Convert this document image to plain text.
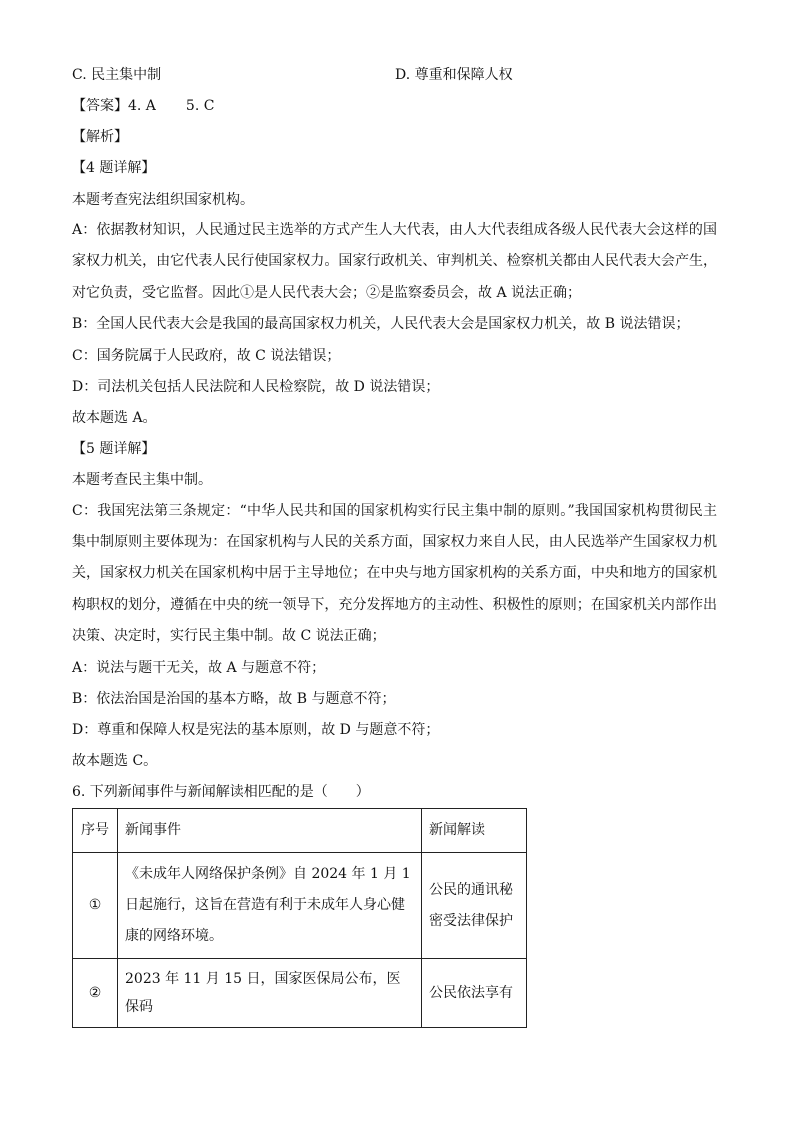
C. 民主集中制	D. 尊重和保障人权
【答案】4. A 5. C
【解析】
【4 题详解】
本题考查宪法组织国家机构。

A：依据教材知识，人民通过民主选举的方式产生人大代表，由人大代表组成各级人民代表大会这样的国家权力机关，由它代表人民行使国家权力。国家行政机关、审判机关、检察机关都由人民代表大会产生，对它负责，受它监督。因此①是人民代表大会；②是监察委员会，故 A 说法正确；

B：全国人民代表大会是我国的最高国家权力机关，人民代表大会是国家权力机关，故 B 说法错误；
C：国务院属于人民政府，故 C 说法错误；
D：司法机关包括人民法院和人民检察院，故 D 说法错误；
故本题选 A。
【5 题详解】
本题考查民主集中制。

C：我国宪法第三条规定：“中华人民共和国的国家机构实行民主集中制的原则。”我国国家机构贯彻民主集中制原则主要体现为：在国家机构与人民的关系方面，国家权力来自人民，由人民选举产生国家权力机关，国家权力机关在国家机构中居于主导地位；在中央与地方国家机构的关系方面，中央和地方的国家机构职权的划分，遵循在中央的统一领导下，充分发挥地方的主动性、积极性的原则；在国家机关内部作出决策、决定时，实行民主集中制。故 C 说法正确；

A：说法与题干无关，故 A 与题意不符；
B：依法治国是治国的基本方略，故 B 与题意不符；
D：尊重和保障人权是宪法的基本原则，故 D 与题意不符；
故本题选 C。
6. 下列新闻事件与新闻解读相匹配的是（　　）
序号	新闻事件	新闻解读
①	《未成年人网络保护条例》自 2024 年 1 月 1 日起施行，这旨在营造有利于未成年人身心健康的网络环境。	公民的通讯秘密受法律保护
②	2023 年 11 月 15 日，国家医保局公布，医保码	公民依法享有
